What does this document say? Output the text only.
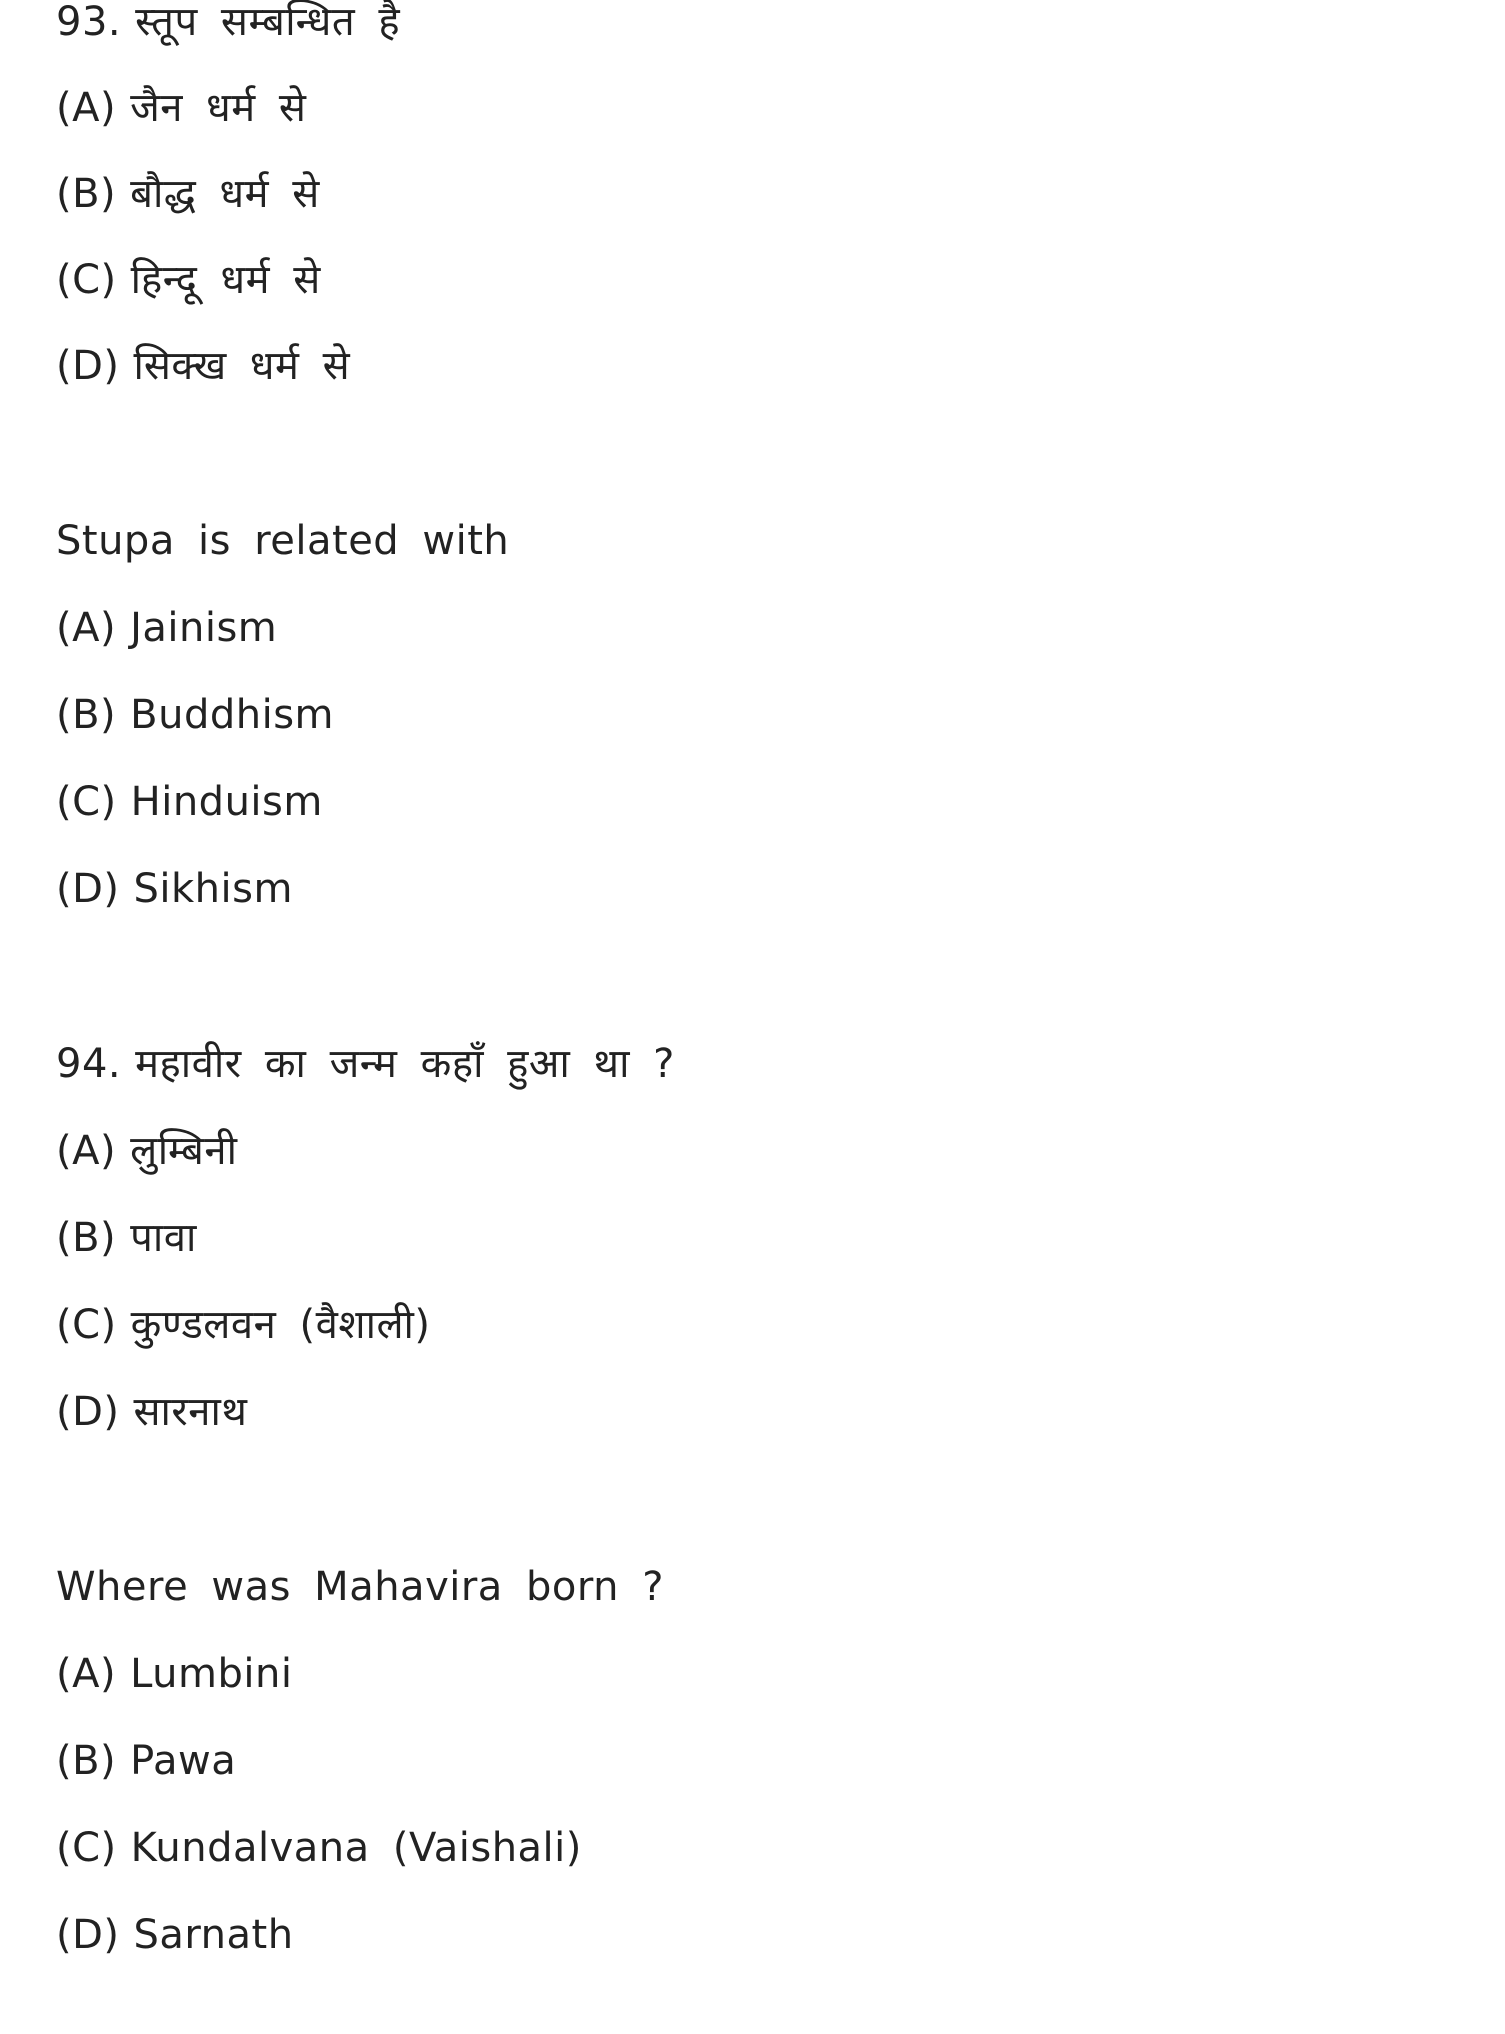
93. स्तूप सम्बन्धित है
(A) जैन धर्म से
(B) बौद्ध धर्म से
(C) हिन्दू धर्म से
(D) सिक्ख धर्म से
Stupa is related with
(A) Jainism
(B) Buddhism
(C) Hinduism
(D) Sikhism
94. महावीर का जन्म कहाँ हुआ था ?
(A) लुम्बिनी
(B) पावा
(C) कुण्डलवन (वैशाली)
(D) सारनाथ
Where was Mahavira born ?
(A) Lumbini
(B) Pawa
(C) Kundalvana (Vaishali)
(D) Sarnath
